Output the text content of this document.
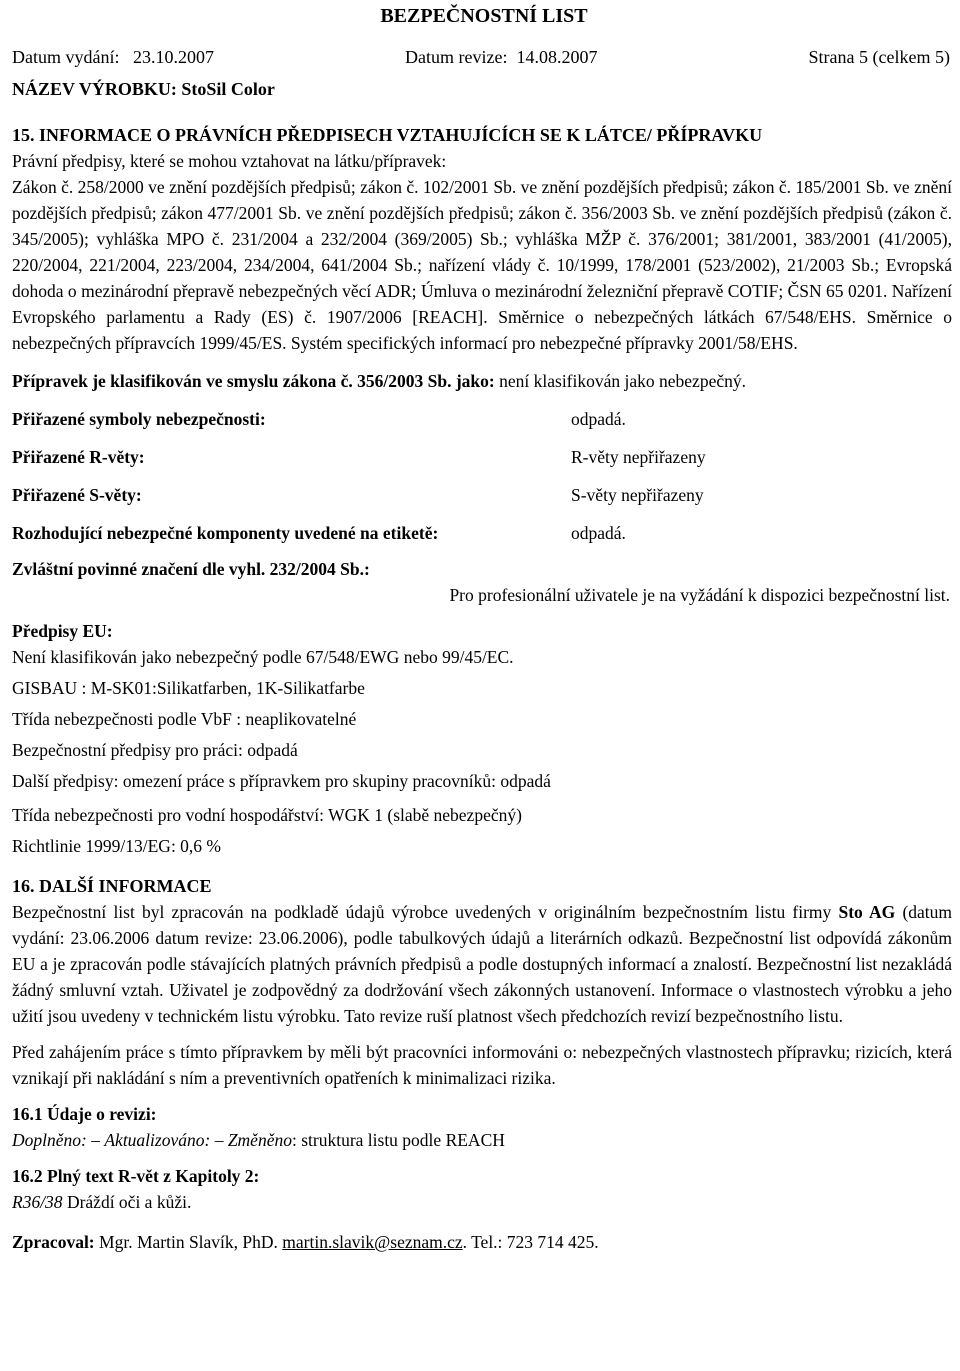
BEZPEČNOSTNÍ LIST
Datum vydání:   23.10.2007	Datum revize:  14.08.2007	Strana 5 (celkem 5)
NÁZEV VÝROBKU: StoSil Color
15. INFORMACE O PRÁVNÍCH PŘEDPISECH VZTAHUJÍCÍCH SE K LÁTCE/ PŘÍPRAVKU
Právní předpisy, které se mohou vztahovat na látku/přípravek:
Zákon č. 258/2000 ve znění pozdějších předpisů; zákon č. 102/2001 Sb. ve znění pozdějších předpisů; zákon č. 185/2001 Sb. ve znění pozdějších předpisů; zákon 477/2001 Sb. ve znění pozdějších předpisů; zákon č. 356/2003 Sb. ve znění pozdějších předpisů (zákon č. 345/2005); vyhláška MPO č. 231/2004 a 232/2004 (369/2005) Sb.; vyhláška MŽP č. 376/2001; 381/2001, 383/2001 (41/2005), 220/2004, 221/2004, 223/2004, 234/2004, 641/2004 Sb.; nařízení vlády č. 10/1999, 178/2001 (523/2002), 21/2003 Sb.; Evropská dohoda o mezinárodní přepravě nebezpečných věcí ADR; Úmluva o mezinárodní železniční přepravě COTIF; ČSN 65 0201. Nařízení Evropského parlamentu a Rady (ES) č. 1907/2006 [REACH]. Směrnice o nebezpečných látkách 67/548/EHS. Směrnice o nebezpečných přípravcích 1999/45/ES. Systém specifických informací pro nebezpečné přípravky 2001/58/EHS.
Přípravek je klasifikován ve smyslu zákona č. 356/2003 Sb. jako: není klasifikován jako nebezpečný.
Přiřazené symboly nebezpečnosti:	odpadá.
Přiřazené R-věty:	R-věty nepřiřazeny
Přiřazené S-věty:	S-věty nepřiřazeny
Rozhodující nebezpečné komponenty uvedené na etiketě:	odpadá.
Zvláštní povinné značení dle vyhl. 232/2004 Sb.:
Pro profesionální uživatele je na vyžádání k dispozici bezpečnostní list.
Předpisy EU:
Není klasifikován jako nebezpečný podle 67/548/EWG nebo 99/45/EC.
GISBAU : M-SK01:Silikatfarben, 1K-Silikatfarbe
Třída nebezpečnosti podle VbF : neaplikovatelné
Bezpečnostní předpisy pro práci: odpadá
Další předpisy: omezení práce s přípravkem pro skupiny pracovníků: odpadá
Třída nebezpečnosti pro vodní hospodářství: WGK 1 (slabě nebezpečný)
Richtlinie 1999/13/EG: 0,6 %
16. DALŠÍ INFORMACE
Bezpečnostní list byl zpracován na podkladě údajů výrobce uvedených v originálním bezpečnostním listu firmy Sto AG (datum vydání: 23.06.2006 datum revize: 23.06.2006), podle tabulkových údajů a literárních odkazů. Bezpečnostní list odpovídá zákonům EU a je zpracován podle stávajících platných právních předpisů a podle dostupných informací a znalostí. Bezpečnostní list nezakládá žádný smluvní vztah. Uživatel je zodpovědný za dodržování všech zákonných ustanovení. Informace o vlastnostech výrobku a jeho užití jsou uvedeny v technickém listu výrobku. Tato revize ruší platnost všech předchozích revizí bezpečnostního listu.
Před zahájením práce s tímto přípravkem by měli být pracovníci informováni o: nebezpečných vlastnostech přípravku; rizicích, která vznikají při nakládání s ním a preventivních opatřeních k minimalizaci rizika.
16.1 Údaje o revizi:
Doplněno: – Aktualizováno: – Změněno: struktura listu podle REACH
16.2 Plný text R-vět z Kapitoly 2:
R36/38 Dráždí oči a kůži.
Zpracoval: Mgr. Martin Slavík, PhD. martin.slavik@seznam.cz. Tel.: 723 714 425.
